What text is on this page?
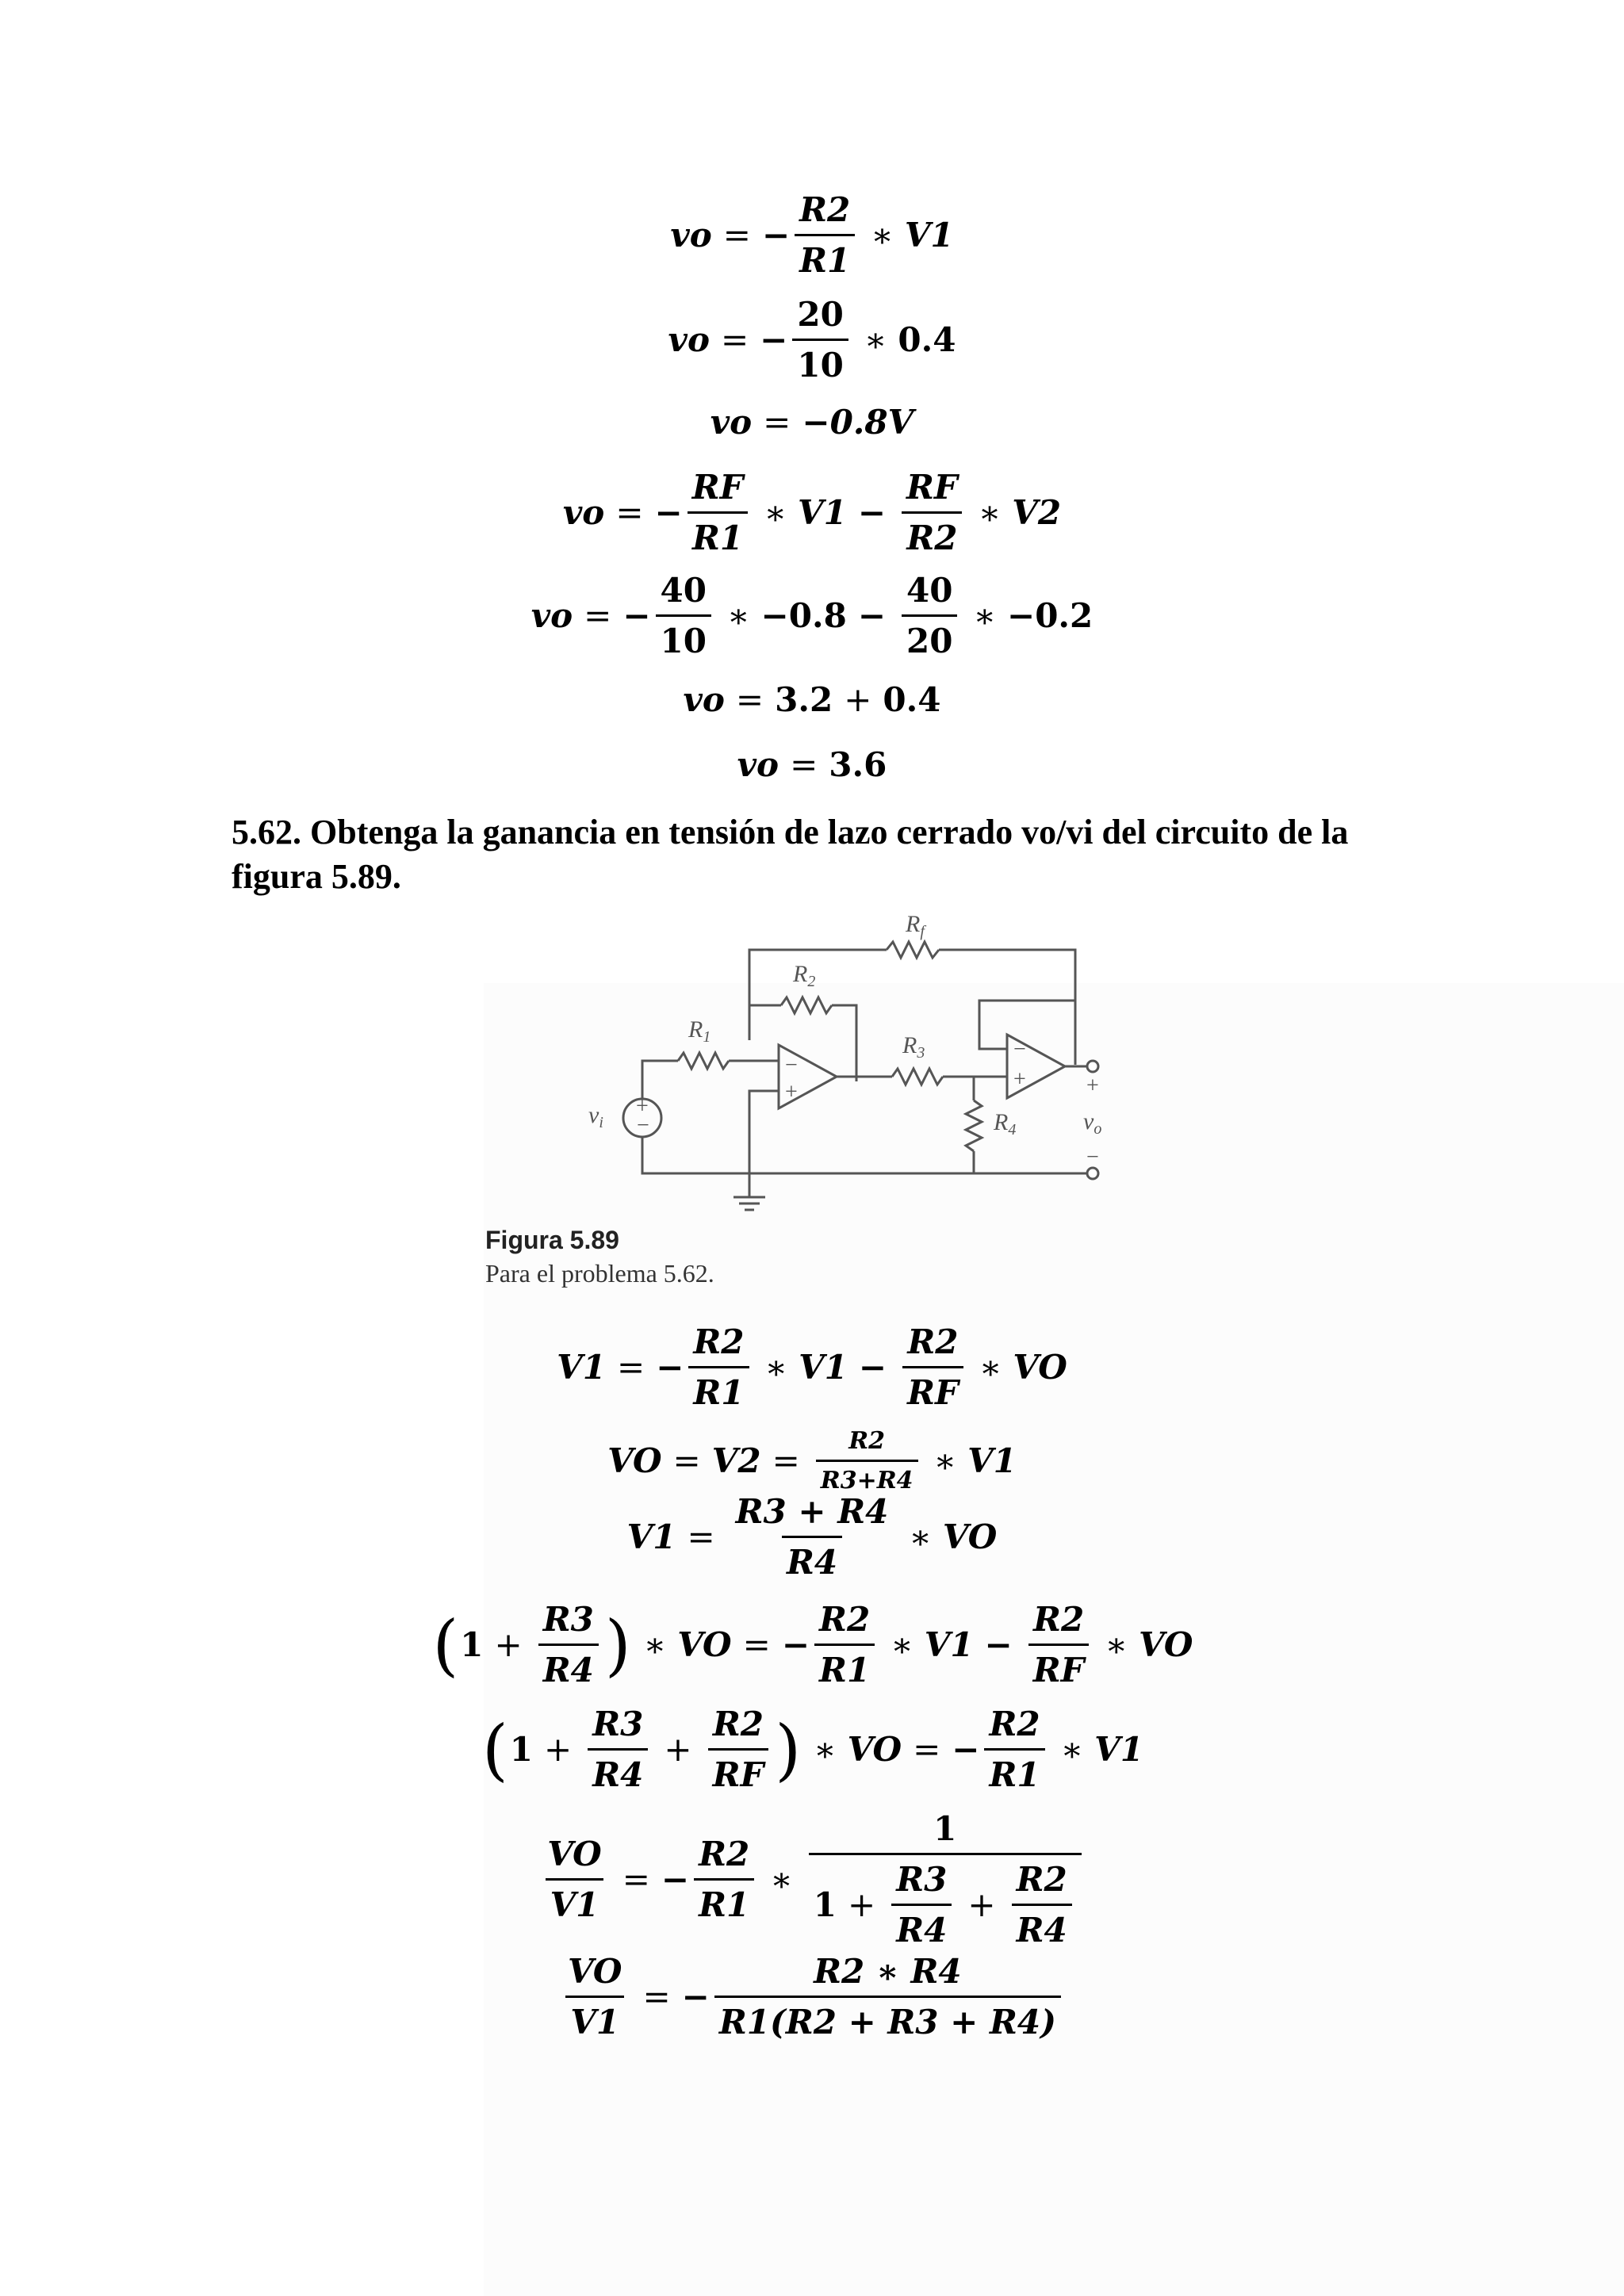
vo = − $\frac{R2}{R1}$ ∗ V1
vo = − $\frac{20}{10}$ ∗ 0.4
vo = −0.8V
vo = − $\frac{RF}{R1}$ ∗ $V1 - \frac{RF}{R2}$ ∗ V2
vo = − $\frac{40}{10}$ ∗ $-0.8 - \frac{40}{20}$ ∗ −0.2
vo = 3.2 + 0.4
vo = 3.6
5.62. Obtenga la ganancia en tensión de lazo cerrado vo/vi del circuito de la
figura 5.89.
+
−
−
+
−
+	+
−
$R_f$
$R_2$
$R_1$	$R_3$
$R_4$
$v_i$	$v_o$
Figura 5.89
Para el problema 5.62.
V1 = − $\frac{R2}{R1}$ ∗ $V1 - \frac{R2}{RF}$ ∗ VO
VO = $V2 = \frac{R2}{R3+R4}$ ∗ V1
$V1 = \frac{R3 + R4}{R4}$ ∗ VO
( $1 + \frac{R3}{R4}$ ) ∗ VO = − $\frac{R2}{R1}$ ∗ $V1 - \frac{R2}{RF}$ ∗ VO
( $1 + \frac{R3}{R4} + \frac{R2}{RF}$ ) ∗ VO = − $\frac{R2}{R1}$ ∗ V1
$\frac{VO}{V1}$ = − $\frac{R2}{R1}$ ∗
1
$1 + \frac{R3}{R4} + \frac{R2}{R4}$
$\frac{VO}{V1}$ = − $\frac{R2 ∗ R4}{R1(R2 + R3 + R4)}$
